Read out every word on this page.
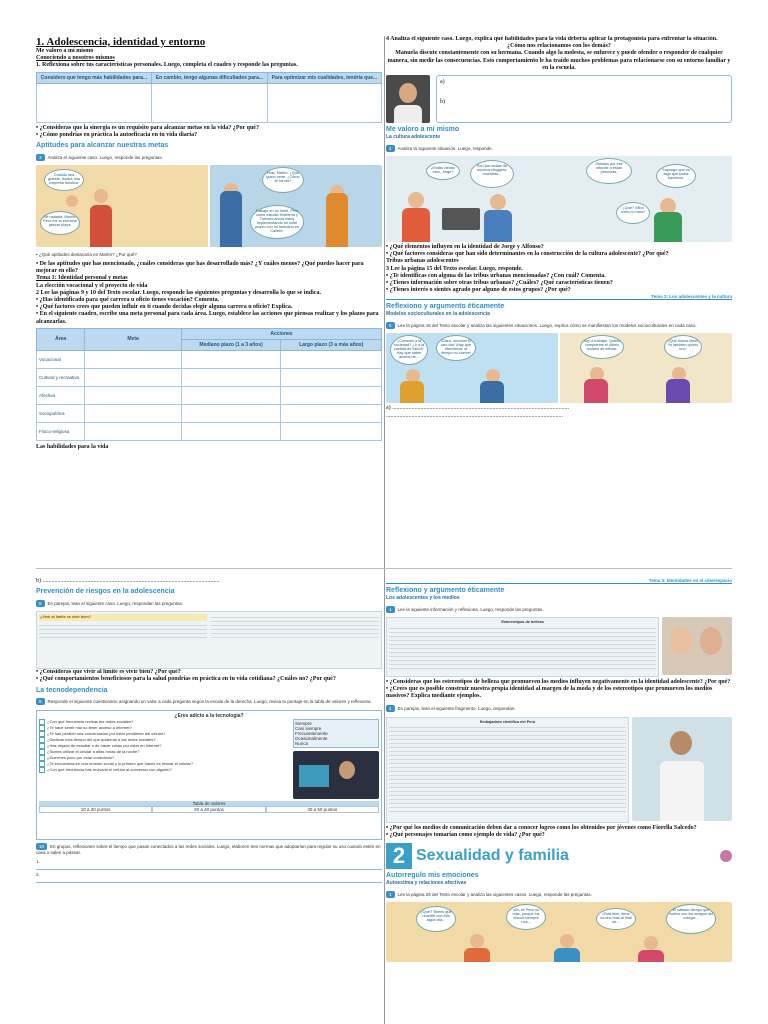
1. Adolescencia, identidad y entorno

Me valoro a mí mismo

Conociendo a nosotros mismos

1. Reflexiona sobre tus características personales. Luego, completa el cuadro y responde las preguntas.

Considero que tengo más habilidades para...	En cambio, tengo algunas dificultades para...	Para optimizar mis cualidades, tendría que...

• ¿Consideras que la sinergia es un requisito para alcanzar metas en la vida? ¿Por qué?

• ¿Cómo pondrías en práctica la autoeficacia en tu vida diaria?

Aptitudes para alcanzar nuestras metas

3 Analiza el siguiente caso. Luego, responde las preguntas.

Cuando sea grande, tendré una empresa turística.
Sé nadaba, Martín. Pero me lo escucha pescar playa.
Hola, Martín. ¿Qué gusto verte. ¿Cómo te ha ido?
Trabajo en un hotel. Pero como estudió Hotelería y Turismo ahora estoy implementando un hotel propio con mi hermano en Cañete.

• ¿Qué aptitudes destacaría en Martín? ¿Por qué?

• De las aptitudes que has mencionado, ¿cuáles consideras que has desarrollado más? ¿Y cuáles menos? ¿Qué puedes hacer para mejorar en ello?

Tema 1: Identidad personal y metas

La elección vocacional y el proyecto de vida

2 Lee las páginas 9 y 10 del Texto escolar. Luego, responde las siguientes preguntas y desarrolla lo que se indica.

• ¿Has identificado para qué carrera u oficio tienes vocación? Comenta.

• ¿Qué factores crees que pueden influir en ti cuando decidas elegir alguna carrera u oficio? Explica.

• En el siguiente cuadro, escribe una meta personal para cada área. Luego, establece las acciones que piensas realizar y los plazos para alcanzarlas.

Área	Meta	Acciones	
		Mediano plazo (1 a 3 años)	Largo plazo (3 a más años)
Vocacional			
Cultural y recreativa			
Afectiva			
Sociopolítica			
Físico-religiosa			

Las habilidades para la vida

4 Analiza el siguiente caso. Luego, explica qué habilidades para la vida debería aplicar la protagonista para enfrentar la situación.

¿Cómo nos relacionamos con los demás?

Manuela discute constantemente con su hermana. Cuando algo la molesta, se enfurece y puede ofender o responder de cualquier manera, sin medir las consecuencias. Esto comportamiento le ha traído muchos problemas para relacionarse con su entorno familiar y en la escuela.

a)

b)

Me valoro a mí mismo

La cultura adolescente

2 Analiza la siguiente situación. Luego, responde.

¿Estás viendo esto, Jorge?
Son las modas de muchos bloggers; muestras...
Saludos por ese difundir a estas personas.	Supongo que es algo que todos hacemos.
¿Qué? ¡Mira cómo lo hace!

• ¿Qué elementos influyen en la identidad de Jorge y Alfonso?

• ¿Qué factores consideras que han sido determinantes en la construcción de la cultura adolescente? ¿Por qué?

Tribus urbanas adolescentes

3 Lee la página 15 del Texto escolar. Luego, responde.

• ¿Te identificas con alguna de las tribus urbanas mencionadas? ¿Con cuál? Comenta.

• ¿Tienes información sobre otras tribus urbanas? ¿Cuáles? ¿Qué características tienen?

• ¿Tienes interés o sientes agrado por alguno de estos grupos? ¿Por qué?

Tema 2: Los adolescentes y la cultura
Reflexiono y argumento éticamente

Modelos socioculturales en la adolescencia

5 Lee la página 16 del Texto escolar y analiza las siguientes situaciones. Luego, explica cómo se manifiestan los modelos socioculturales en cada caso.

¿Conoces a la sociedad? ¿Ir a la partida de fútbol? Hay que saber acerca de...
¡Claro, vecinos! El otro día! ¡Hay que divertirnos, al tiempo no vuelve!
Voy a trabajar. Quiero comprarme el último modelo de celular.
¡Qué buena idea! Yo también quiero uno.

a) ......................................................................................................................

......................................................................................................................

b) ......................................................................................................................

Prevención de riesgos en la adolescencia

8 En parejas, lean el siguiente caso. Luego, respondan las preguntas.

¿Vivir al límite es vivir bien?

• ¿Consideras que vivir al límite es vivir bien? ¿Por qué?

• ¿Qué comportamientos beneficiosos para la salud pondrías en práctica en tu vida cotidiana? ¿Cuáles no? ¿Por qué?

La tecnodependencia

9 Responde el siguiente cuestionario asignando un valor a cada pregunta según la escala de la derecha. Luego, revisa tu puntaje en la tabla de valores y reflexiona.

¿Eres adicto a la tecnología?
¿Con qué frecuencia revisas tus redes sociales?
¿Te hace sentir mal no tener acceso a Internet?
¿Te has perdido una conversación por estar pendiente del celular?
¿Dedicas más tiempo del que quisieras a las redes sociales?
¿Has dejado de estudiar o de hacer cosas por estar en Internet?
¿Sueles utilizar el celular a altas horas de la noche?
¿Duermes poco por estar conectado?
¿Te encuentras en una reunión social y lo primero que haces es revisar el celular?
¿Con qué frecuencia has revisado el celular al conversar con alguien?
Siempre
Casi siempre
Frecuentemente
Ocasionalmente
Nunca
Tabla de valores
10 a 20 puntos	20 a 40 puntos	40 a 50 puntos

10 En grupos, reflexionen sobre el tiempo que pasan conectados a las redes sociales. Luego, elaboren tres normas que adoptarían para regular su uso cuando estén en casa o salen a pasear.

1.

2.

Tema 3: Identidades en el ciberespacio
Reflexiono y argumento éticamente

Los adolescentes y los medios

1 Lee la siguiente información y reflexiona. Luego, responde las preguntas.

Estereotipos de belleza

• ¿Consideras que los estereotipos de belleza que promueven los medios influyen negativamente en la identidad adolescente? ¿Por qué?

• ¿Crees que es posible construir nuestra propia identidad al margen de la moda y de los estereotipos que promueven los medios masivos? Explica mediante ejemplos.

2 En parejas, lean el siguiente fragmento. Luego, respondan.

Embajadora científica del Perú

• ¿Por qué los medios de comunicación deben dar a conocer logros como los obtenidos por jóvenes como Fiorella Salcedo?

• ¿Qué personajes tomarían como ejemplo de vida? ¿Por qué?

2 Sexualidad y familia
Autorregulo mis emociones

Autoestima y relaciones afectivas

1 Lee la página 26 del Texto escolar y analiza las siguientes casos. Luego, responde las preguntas.

¿Qué? Tienes que reunirte con Mia algún día...
¡Ah, el! Pero no más, porque los chicos siempre nos...
¡Está bien, tiene mucho más al final de...
El sábado tiempo que vuelvo con los amigos del colegio...
